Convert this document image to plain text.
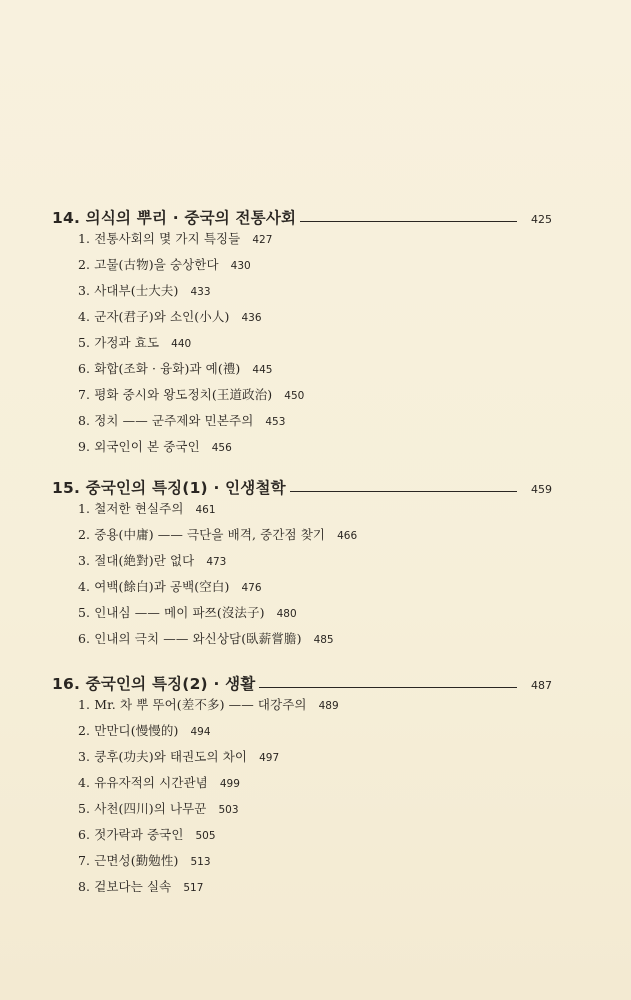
14. 의식의 뿌리 · 중국의 전통사회	425
1. 전통사회의 몇 가지 특징들 427
2. 고물(古物)을 숭상한다 430
3. 사대부(士大夫) 433
4. 군자(君子)와 소인(小人) 436
5. 가정과 효도 440
6. 화합(조화 · 융화)과 예(禮) 445
7. 평화 중시와 왕도정치(王道政治) 450
8. 정치 —— 군주제와 민본주의 453
9. 외국인이 본 중국인 456
15. 중국인의 특징(1) · 인생철학	459
1. 철저한 현실주의 461
2. 중용(中庸) —— 극단을 배격, 중간점 찾기 466
3. 절대(絶對)란 없다 473
4. 여백(餘白)과 공백(空白) 476
5. 인내심 —— 메이 파쯔(沒法子) 480
6. 인내의 극치 —— 와신상담(臥薪嘗膽) 485
16. 중국인의 특징(2) · 생활	487
1. Mr. 차 뿌 뚜어(差不多) —— 대강주의 489
2. 만만디(慢慢的) 494
3. 쿵후(功夫)와 태권도의 차이 497
4. 유유자적의 시간관념 499
5. 사천(四川)의 나무꾼 503
6. 젓가락과 중국인 505
7. 근면성(勤勉性) 513
8. 겉보다는 실속 517
